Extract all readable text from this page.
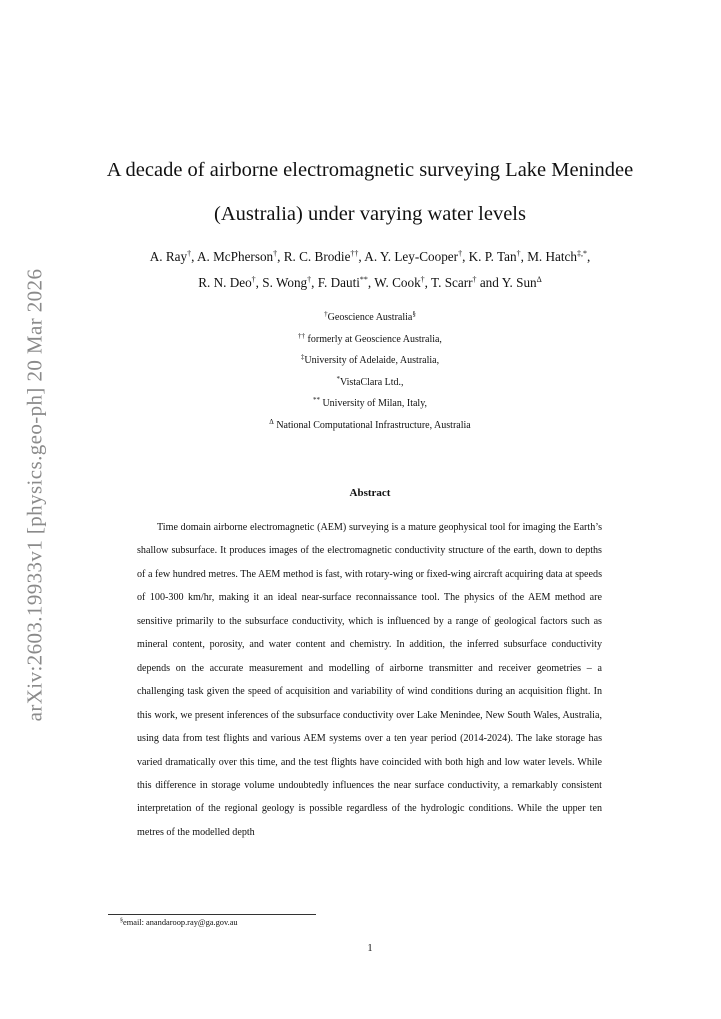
arXiv:2603.19933v1 [physics.geo-ph] 20 Mar 2026
A decade of airborne electromagnetic surveying Lake Menindee
(Australia) under varying water levels
A. Ray†, A. McPherson†, R. C. Brodie††, A. Y. Ley-Cooper†, K. P. Tan†, M. Hatch‡,*,
R. N. Deo†, S. Wong†, F. Dauti**, W. Cook†, T. Scarr† and Y. Sun$^\Delta$
†Geoscience Australia§
†† formerly at Geoscience Australia,
‡University of Adelaide, Australia,
*VistaClara Ltd.,
** University of Milan, Italy,
$^\Delta$ National Computational Infrastructure, Australia
Abstract

Time domain airborne electromagnetic (AEM) surveying is a mature geophysical tool for imaging the Earth’s shallow subsurface. It produces images of the electromagnetic conductivity structure of the earth, down to depths of a few hundred metres. The AEM method is fast, with rotary-wing or fixed-wing aircraft acquiring data at speeds of 100-300 km/hr, making it an ideal near-surface reconnaissance tool. The physics of the AEM method are sensitive primarily to the subsurface conductivity, which is influenced by a range of geological factors such as mineral content, porosity, and water content and chemistry. In addition, the inferred subsurface conductivity depends on the accurate measurement and modelling of airborne transmitter and receiver geometries – a challenging task given the speed of acquisition and variability of wind conditions during an acquisition flight. In this work, we present inferences of the subsurface conductivity over Lake Menindee, New South Wales, Australia, using data from test flights and various AEM systems over a ten year period (2014-2024). The lake storage has varied dramatically over this time, and the test flights have coincided with both high and low water levels. While this difference in storage volume undoubtedly influences the near surface conductivity, a remarkably consistent interpretation of the regional geology is possible regardless of the hydrologic conditions. While the upper ten metres of the modelled depth

§email: anandaroop.ray@ga.gov.au
1
